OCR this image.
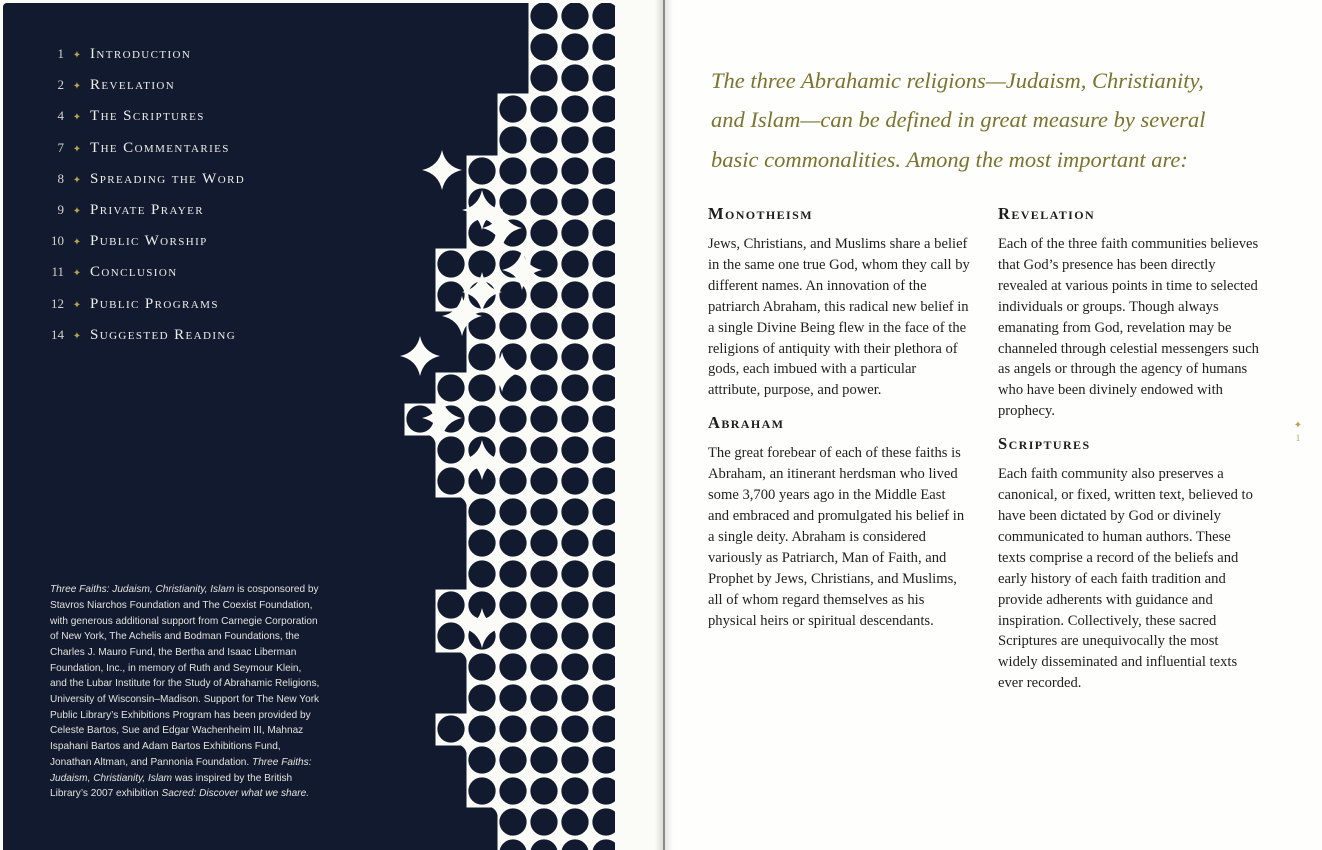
1 ✦ Introduction
2 ✦ Revelation
4 ✦ The Scriptures
7 ✦ The Commentaries
8 ✦ Spreading the Word
9 ✦ Private Prayer
10 ✦ Public Worship
11 ✦ Conclusion
12 ✦ Public Programs
14 ✦ Suggested Reading

Three Faiths: Judaism, Christianity, Islam is cosponsored by Stavros Niarchos Foundation and The Coexist Foundation, with generous additional support from Carnegie Corporation of New York, The Achelis and Bodman Foundations, the Charles J. Mauro Fund, the Bertha and Isaac Liberman Foundation, Inc., in memory of Ruth and Seymour Klein, and the Lubar Institute for the Study of Abrahamic Religions, University of Wisconsin–Madison. Support for The New York Public Library’s Exhibitions Program has been provided by Celeste Bartos, Sue and Edgar Wachenheim III, Mahnaz Ispahani Bartos and Adam Bartos Exhibitions Fund, Jonathan Altman, and Pannonia Foundation. Three Faiths: Judaism, Christianity, Islam was inspired by the British Library’s 2007 exhibition Sacred: Discover what we share.

The three Abrahamic religions—Judaism, Christianity, and Islam—can be defined in great measure by several basic commonalities. Among the most important are:

Monotheism

Jews, Christians, and Muslims share a belief in the same one true God, whom they call by different names. An innovation of the patriarch Abraham, this radical new belief in a single Divine Being flew in the face of the religions of antiquity with their plethora of gods, each imbued with a particular attribute, purpose, and power.

Abraham

The great forebear of each of these faiths is Abraham, an itinerant herdsman who lived some 3,700 years ago in the Middle East and embraced and promulgated his belief in a single deity. Abraham is considered variously as Patriarch, Man of Faith, and Prophet by Jews, Christians, and Muslims, all of whom regard themselves as his physical heirs or spiritual descendants.

Revelation

Each of the three faith communities believes that God’s presence has been directly revealed at various points in time to selected individuals or groups. Though always emanating from God, revelation may be channeled through celestial messengers such as angels or through the agency of humans who have been divinely endowed with prophecy.

Scriptures

Each faith community also preserves a canonical, or fixed, written text, believed to have been dictated by God or divinely communicated to human authors. These texts comprise a record of the beliefs and early history of each faith tradition and provide adherents with guidance and inspiration. Collectively, these sacred Scriptures are unequivocally the most widely disseminated and influential texts ever recorded.

✦
1
